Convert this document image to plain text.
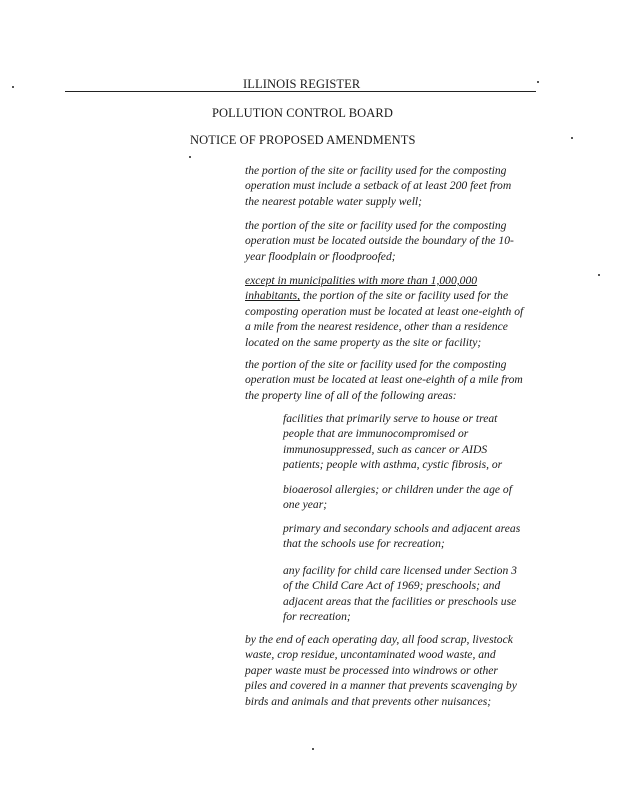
ILLINOIS REGISTER
POLLUTION CONTROL BOARD
NOTICE OF PROPOSED AMENDMENTS
the portion of the site or facility used for the composting
operation must include a setback of at least 200 feet from
the nearest potable water supply well;
the portion of the site or facility used for the composting
operation must be located outside the boundary of the 10-
year floodplain or floodproofed;
except in municipalities with more than 1,000,000
inhabitants, the portion of the site or facility used for the
composting operation must be located at least one-eighth of
a mile from the nearest residence, other than a residence
located on the same property as the site or facility;
the portion of the site or facility used for the composting
operation must be located at least one-eighth of a mile from
the property line of all of the following areas:
facilities that primarily serve to house or treat
people that are immunocompromised or
immunosuppressed, such as cancer or AIDS
patients; people with asthma, cystic fibrosis, or
bioaerosol allergies; or children under the age of
one year;
primary and secondary schools and adjacent areas
that the schools use for recreation;
any facility for child care licensed under Section 3
of the Child Care Act of 1969; preschools; and
adjacent areas that the facilities or preschools use
for recreation;
by the end of each operating day, all food scrap, livestock
waste, crop residue, uncontaminated wood waste, and
paper waste must be processed into windrows or other
piles and covered in a manner that prevents scavenging by
birds and animals and that prevents other nuisances;
